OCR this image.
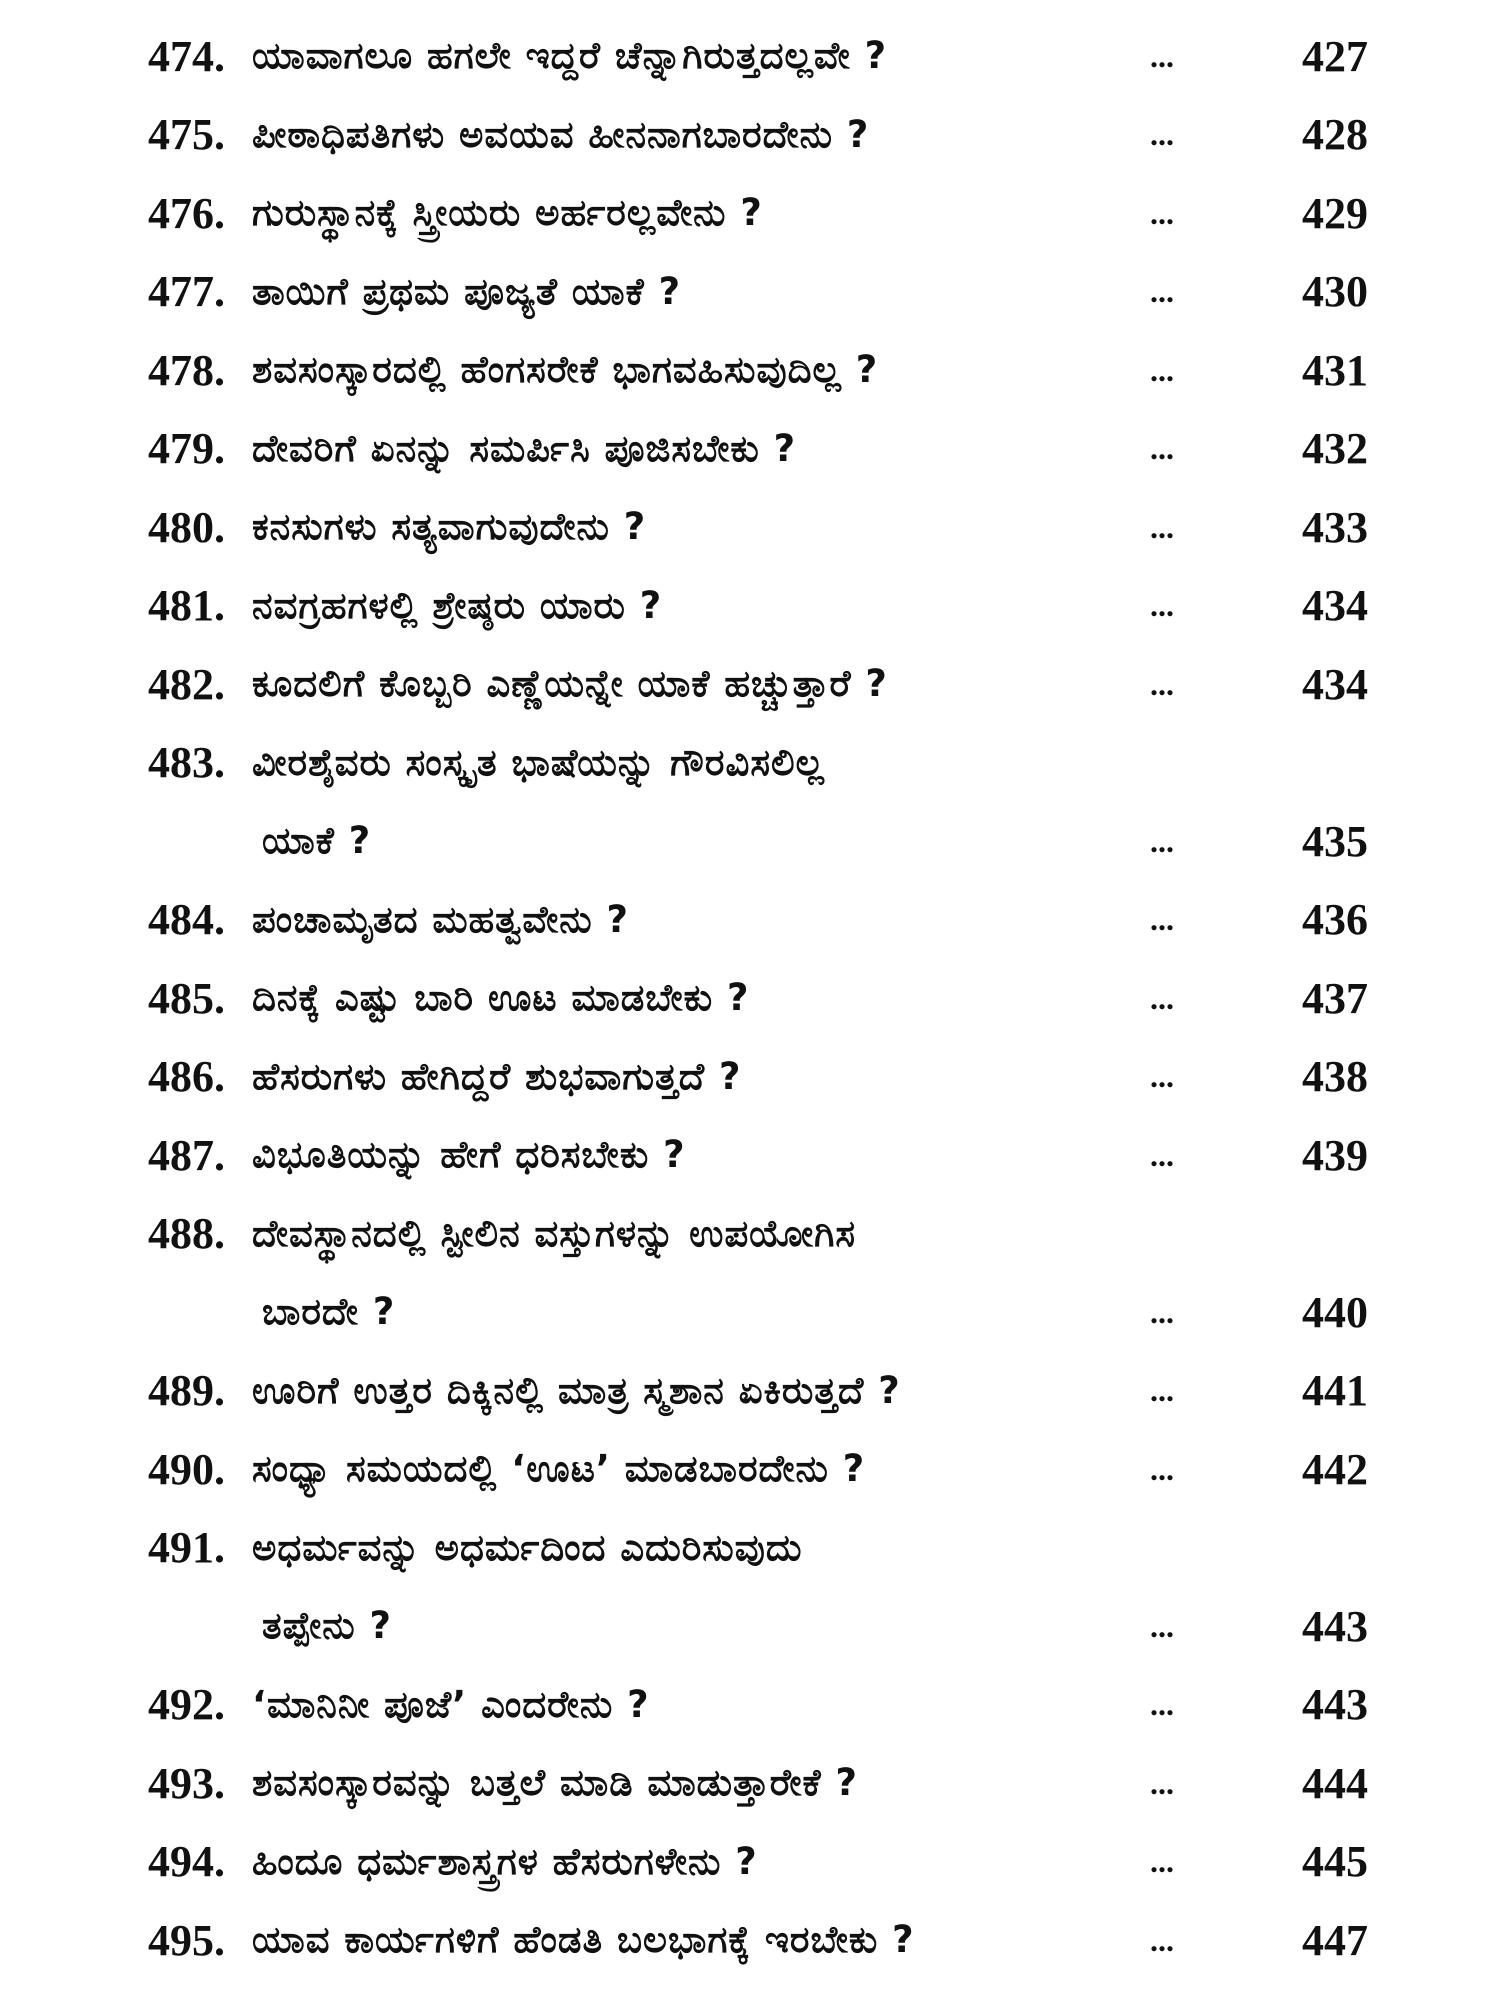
474. ಯಾವಾಗಲೂ ಹಗಲೇ ಇದ್ದರೆ ಚೆನ್ನಾಗಿರುತ್ತದಲ್ಲವೇ ?	...	427
475. ಪೀಠಾಧಿಪತಿಗಳು ಅವಯವ ಹೀನನಾಗಬಾರದೇನು ?	...	428
476. ಗುರುಸ್ಥಾನಕ್ಕೆ ಸ್ತ್ರೀಯರು ಅರ್ಹರಲ್ಲವೇನು ?	...	429
477. ತಾಯಿಗೆ ಪ್ರಥಮ ಪೂಜ್ಯತೆ ಯಾಕೆ ?	...	430
478. ಶವಸಂಸ್ಕಾರದಲ್ಲಿ ಹೆಂಗಸರೇಕೆ ಭಾಗವಹಿಸುವುದಿಲ್ಲ ?	...	431
479. ದೇವರಿಗೆ ಏನನ್ನು ಸಮರ್ಪಿಸಿ ಪೂಜಿಸಬೇಕು ?	...	432
480. ಕನಸುಗಳು ಸತ್ಯವಾಗುವುದೇನು ?	...	433
481. ನವಗ್ರಹಗಳಲ್ಲಿ ಶ್ರೇಷ್ಠರು ಯಾರು ?	...	434
482. ಕೂದಲಿಗೆ ಕೊಬ್ಬರಿ ಎಣ್ಣೆಯನ್ನೇ ಯಾಕೆ ಹಚ್ಚುತ್ತಾರೆ ?	...	434
483. ವೀರಶೈವರು ಸಂಸ್ಕೃತ ಭಾಷೆಯನ್ನು ಗೌರವಿಸಲಿಲ್ಲ
ಯಾಕೆ ?	...	435
484. ಪಂಚಾಮೃತದ ಮಹತ್ವವೇನು ?	...	436
485. ದಿನಕ್ಕೆ ಎಷ್ಟು ಬಾರಿ ಊಟ ಮಾಡಬೇಕು ?	...	437
486. ಹೆಸರುಗಳು ಹೇಗಿದ್ದರೆ ಶುಭವಾಗುತ್ತದೆ ?	...	438
487. ವಿಭೂತಿಯನ್ನು ಹೇಗೆ ಧರಿಸಬೇಕು ?	...	439
488. ದೇವಸ್ಥಾನದಲ್ಲಿ ಸ್ಟೀಲಿನ ವಸ್ತುಗಳನ್ನು ಉಪಯೋಗಿಸ
ಬಾರದೇ ?	...	440
489. ಊರಿಗೆ ಉತ್ತರ ದಿಕ್ಕಿನಲ್ಲಿ ಮಾತ್ರ ಸ್ಮಶಾನ ಏಕಿರುತ್ತದೆ ?	...	441
490. ಸಂಧ್ಯಾ ಸಮಯದಲ್ಲಿ ‘ಊಟ’ ಮಾಡಬಾರದೇನು ?	...	442
491. ಅಧರ್ಮವನ್ನು ಅಧರ್ಮದಿಂದ ಎದುರಿಸುವುದು
ತಪ್ಪೇನು ?	...	443
492. ‘ಮಾನಿನೀ ಪೂಜೆ’ ಎಂದರೇನು ?	...	443
493. ಶವಸಂಸ್ಕಾರವನ್ನು ಬತ್ತಲೆ ಮಾಡಿ ಮಾಡುತ್ತಾರೇಕೆ ?	...	444
494. ಹಿಂದೂ ಧರ್ಮಶಾಸ್ತ್ರಗಳ ಹೆಸರುಗಳೇನು ?	...	445
495. ಯಾವ ಕಾರ್ಯಗಳಿಗೆ ಹೆಂಡತಿ ಬಲಭಾಗಕ್ಕೆ ಇರಬೇಕು ?	...	447
